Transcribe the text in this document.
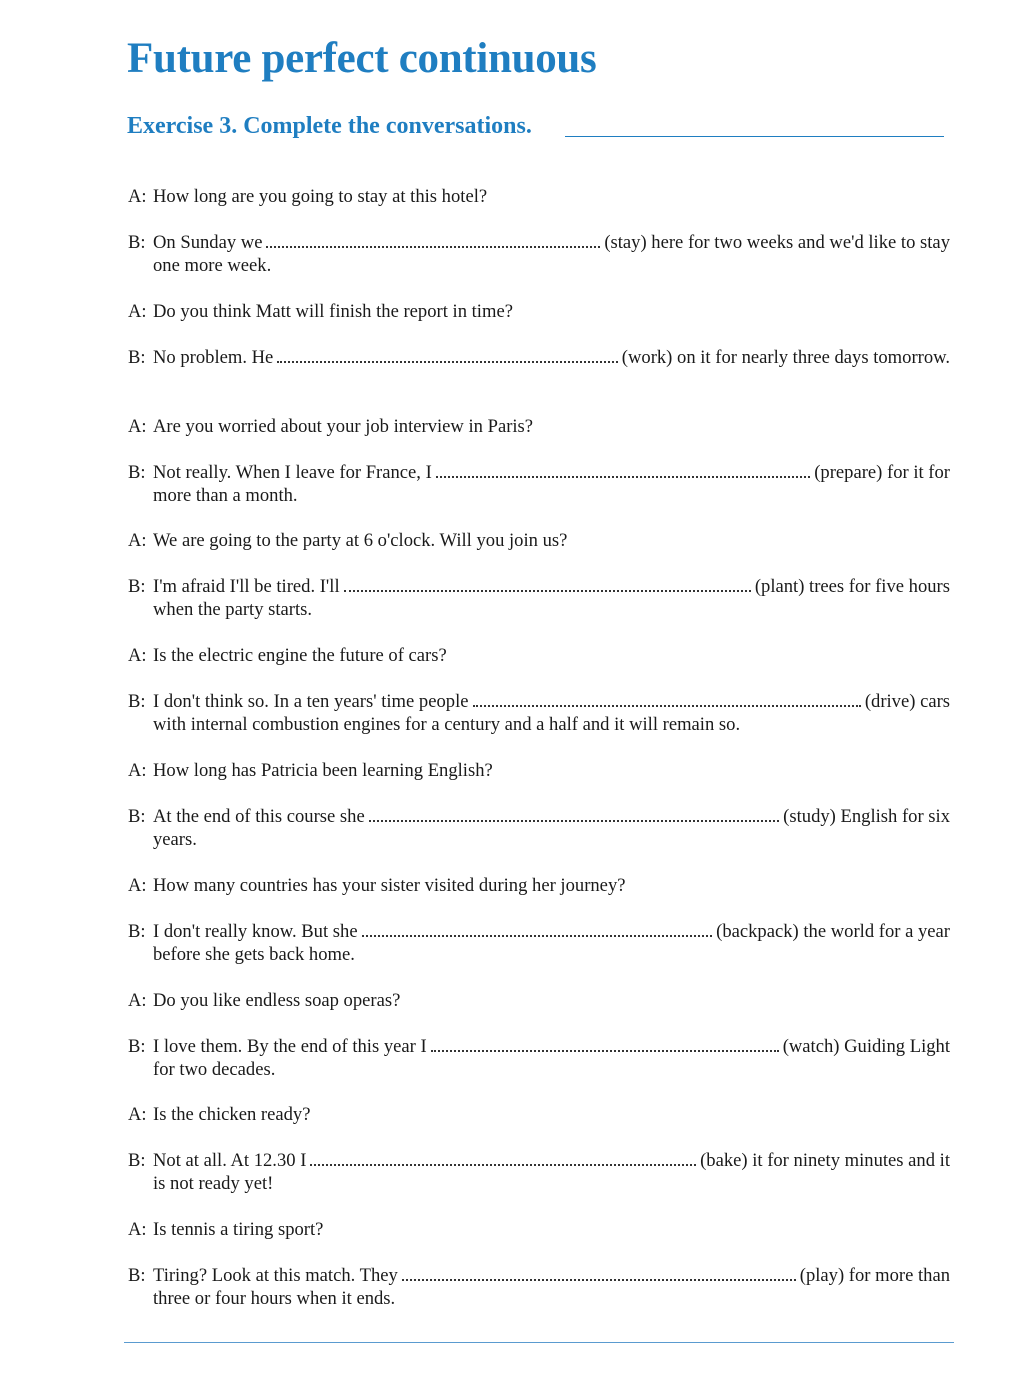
Future perfect continuous
Exercise 3. Complete the conversations.
A: How long are you going to stay at this hotel?
B: On Sunday we	(stay) here for two weeks and we'd like to stay
one more week.
A: Do you think Matt will finish the report in time?
B: No problem. He	(work) on it for nearly three days tomorrow.
A: Are you worried about your job interview in Paris?
B: Not really. When I leave for France, I	(prepare) for it for
more than a month.
A: We are going to the party at 6 o'clock. Will you join us?
B: I'm afraid I'll be tired. I'll	(plant) trees for five hours
when the party starts.
A: Is the electric engine the future of cars?
B: I don't think so. In a ten years' time people	(drive) cars
with internal combustion engines for a century and a half and it will remain so.
A: How long has Patricia been learning English?
B: At the end of this course she	(study) English for six
years.
A: How many countries has your sister visited during her journey?
B: I don't really know. But she	(backpack) the world for a year
before she gets back home.
A: Do you like endless soap operas?
B: I love them. By the end of this year I	(watch) Guiding Light
for two decades.
A: Is the chicken ready?
B: Not at all. At 12.30 I	(bake) it for ninety minutes and it
is not ready yet!
A: Is tennis a tiring sport?
B: Tiring? Look at this match. They	(play) for more than
three or four hours when it ends.
